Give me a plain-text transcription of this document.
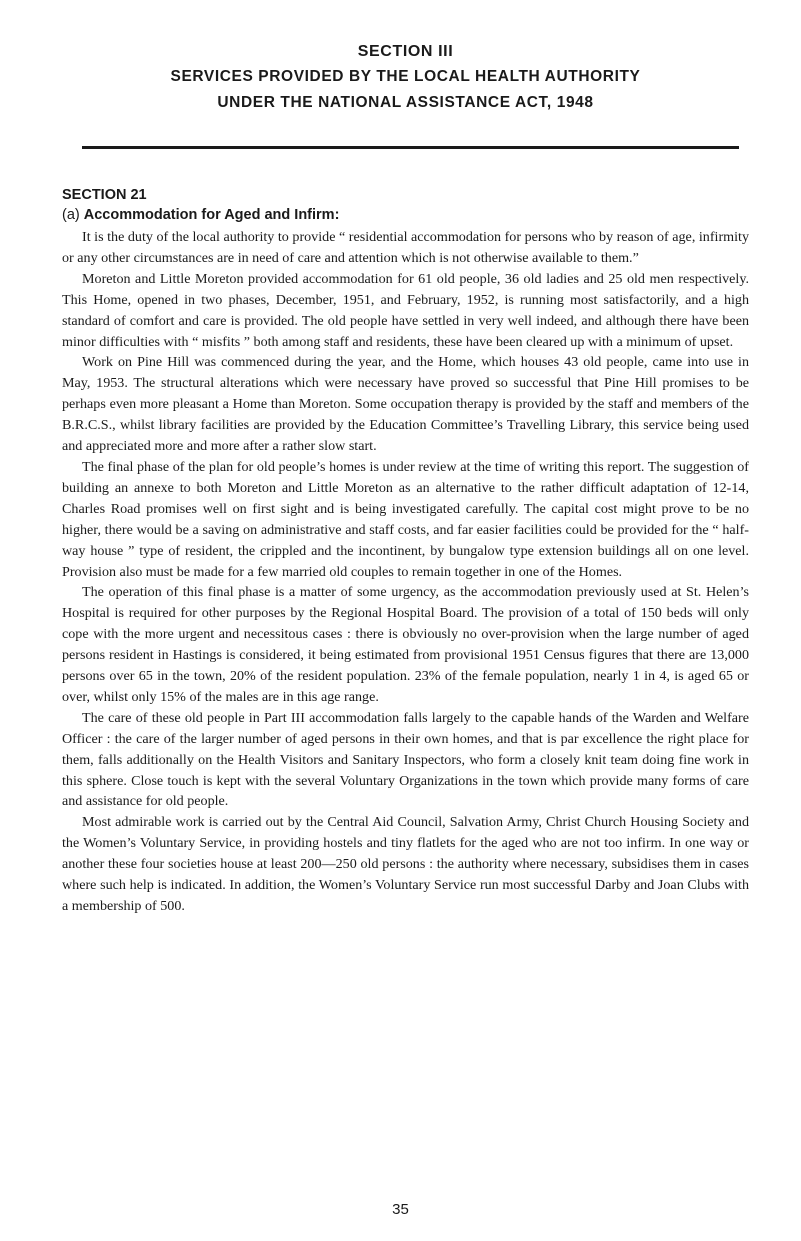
SECTION III
SERVICES PROVIDED BY THE LOCAL HEALTH AUTHORITY
UNDER THE NATIONAL ASSISTANCE ACT, 1948
SECTION 21
(a) Accommodation for Aged and Infirm:

It is the duty of the local authority to provide “ residential accommodation for persons who by reason of age, infirmity or any other circumstances are in need of care and attention which is not otherwise available to them.”

Moreton and Little Moreton provided accommodation for 61 old people, 36 old ladies and 25 old men respectively. This Home, opened in two phases, December, 1951, and February, 1952, is running most satisfactorily, and a high standard of comfort and care is provided. The old people have settled in very well indeed, and although there have been minor difficulties with “ misfits ” both among staff and residents, these have been cleared up with a minimum of upset.

Work on Pine Hill was commenced during the year, and the Home, which houses 43 old people, came into use in May, 1953. The structural alterations which were necessary have proved so successful that Pine Hill promises to be perhaps even more pleasant a Home than Moreton. Some occupation therapy is provided by the staff and members of the B.R.C.S., whilst library facilities are provided by the Education Committee’s Travelling Library, this service being used and appreciated more and more after a rather slow start.

The final phase of the plan for old people’s homes is under review at the time of writing this report. The suggestion of building an annexe to both Moreton and Little Moreton as an alternative to the rather difficult adaptation of 12-14, Charles Road promises well on first sight and is being investigated carefully. The capital cost might prove to be no higher, there would be a saving on administrative and staff costs, and far easier facilities could be provided for the “ half-way house ” type of resident, the crippled and the incontinent, by bungalow type extension buildings all on one level. Provision also must be made for a few married old couples to remain together in one of the Homes.

The operation of this final phase is a matter of some urgency, as the accommodation previously used at St. Helen’s Hospital is required for other purposes by the Regional Hospital Board. The provision of a total of 150 beds will only cope with the more urgent and necessitous cases : there is obviously no over-provision when the large number of aged persons resident in Hastings is considered, it being estimated from provisional 1951 Census figures that there are 13,000 persons over 65 in the town, 20% of the resident population. 23% of the female population, nearly 1 in 4, is aged 65 or over, whilst only 15% of the males are in this age range.

The care of these old people in Part III accommodation falls largely to the capable hands of the Warden and Welfare Officer : the care of the larger number of aged persons in their own homes, and that is par excellence the right place for them, falls additionally on the Health Visitors and Sanitary Inspectors, who form a closely knit team doing fine work in this sphere. Close touch is kept with the several Voluntary Organizations in the town which provide many forms of care and assistance for old people.

Most admirable work is carried out by the Central Aid Council, Salvation Army, Christ Church Housing Society and the Women’s Voluntary Service, in providing hostels and tiny flatlets for the aged who are not too infirm. In one way or another these four societies house at least 200—250 old persons : the authority where necessary, subsidises them in cases where such help is indicated. In addition, the Women’s Voluntary Service run most successful Darby and Joan Clubs with a membership of 500.

35
